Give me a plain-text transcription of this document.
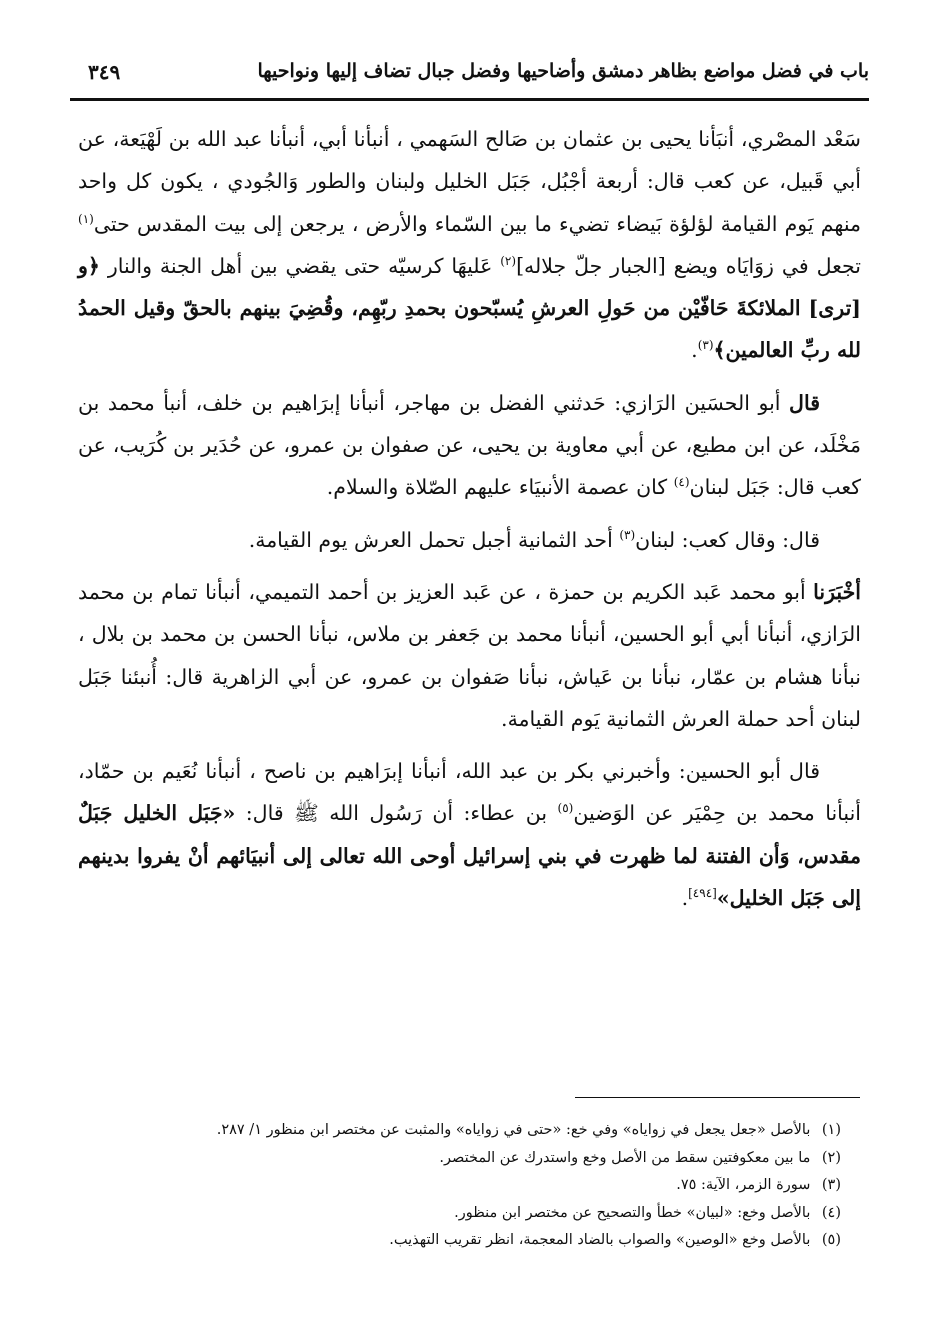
باب في فضل مواضع بظاهر دمشق وأضاحيها وفضل جبال تضاف إليها ونواحيها
٣٤٩

سَعْد المصْري، أنبَأنا يحيى بن عثمان بن صَالح السَهمي ، أنبأنا أبي، أنبأنا عبد الله بن لَهْيَعة، عن أبي قَبيل، عن كعب قال: أربعة أجْبُل، جَبَل الخليل ولبنان والطور وَالجُودي ، يكون كل واحد منهم يَوم القيامة لؤلؤة بَيضاء تضيء ما بين السّماء والأرض ، يرجعن إلى بيت المقدس حتى$^{(١)}$ تجعل في زوَايَاه ويضع [الجبار جلّ جلاله]$^{(٢)}$ عَليهَا كرسيّه حتى يقضي بين أهل الجنة والنار ﴿و [ترى] الملائكةَ حَافّيْن من حَولِ العرشِ يُسبّحون بحمدِ ربّهِم، وقُضِيَ بينهم بالحقّ وقيل الحمدُ لله ربِّ العالمين﴾$^{(٣)}$.

قال أبو الحسَين الرَازي: حَدثني الفضل بن مهاجر، أنبأنا إبرَاهيم بن خلف، أنبأ محمد بن مَخْلَد، عن ابن مطيع، عن أبي معاوية بن يحيى، عن صفوان بن عمرو، عن حُدَير بن كُرَيب، عن كعب قال: جَبَل لبنان$^{(٤)}$ كان عصمة الأنبيَاء عليهم الصّلاة والسلام.

قال: وقال كعب: لبنان$^{(٣)}$ أحد الثمانية أجبل تحمل العرش يوم القيامة.

أخْبَرَنا أبو محمد عَبد الكريم بن حمزة ، عن عَبد العزيز بن أحمد التميمي، أنبأنا تمام بن محمد الرَازي، أنبأنا أبي أبو الحسين، أنبأنا محمد بن جَعفر بن ملاس، نبأنا الحسن بن محمد بن بلال ، نبأنا هشام بن عمّار، نبأنا بن عَياش، نبأنا صَفوان بن عمرو، عن أبي الزاهرية قال: أُنبئنا جَبَل لبنان أحد حملة العرش الثمانية يَوم القيامة.

قال أبو الحسين: وأخبرني بكر بن عبد الله، أنبأنا إبرَاهيم بن ناصح ، أنبأنا نُعَيم بن حمّاد، أنبأنا محمد بن حِمْيَر عن الوَضين$^{(٥)}$ بن عطاء: أن رَسُول الله ﷺ قال: «جَبَل الخليل جَبَلٌ مقدس، وَأن الفتنة لما ظهرت في بني إسرائيل أوحى الله تعالى إلى أنبيَائهم أنْ يفروا بدينهم إلى جَبَل الخليل»[٤٩٤].

(١) بالأصل «جعل يجعل في زواياه» وفي خع: «حتى في زواياه» والمثبت عن مختصر ابن منظور ١/ ٢٨٧.

(٢) ما بين معكوفتين سقط من الأصل وخع واستدرك عن المختصر.

(٣) سورة الزمر، الآية: ٧٥.

(٤) بالأصل وخع: «لبيان» خطأ والتصحيح عن مختصر ابن منظور.

(٥) بالأصل وخع «الوصين» والصواب بالضاد المعجمة، انظر تقريب التهذيب.
